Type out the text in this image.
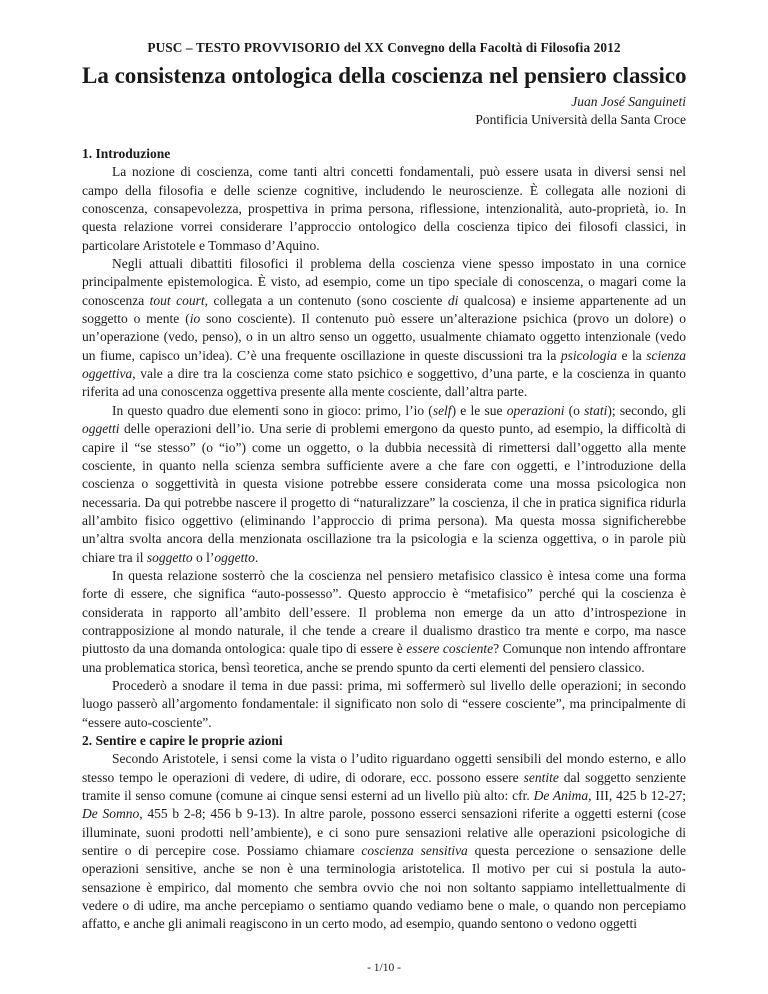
PUSC – TESTO PROVVISORIO del XX Convegno della Facoltà di Filosofia 2012
La consistenza ontologica della coscienza nel pensiero classico
Juan José Sanguineti
Pontificia Università della Santa Croce
1. Introduzione

La nozione di coscienza, come tanti altri concetti fondamentali, può essere usata in diversi sensi nel campo della filosofia e delle scienze cognitive, includendo le neuroscienze. È collegata alle nozioni di conoscenza, consapevolezza, prospettiva in prima persona, riflessione, intenzionalità, auto-proprietà, io. In questa relazione vorrei considerare l’approccio ontologico della coscienza tipico dei filosofi classici, in particolare Aristotele e Tommaso d’Aquino.

Negli attuali dibattiti filosofici il problema della coscienza viene spesso impostato in una cornice principalmente epistemologica. È visto, ad esempio, come un tipo speciale di conoscenza, o magari come la conoscenza tout court, collegata a un contenuto (sono cosciente di qualcosa) e insieme appartenente ad un soggetto o mente (io sono cosciente). Il contenuto può essere un’alterazione psichica (provo un dolore) o un’operazione (vedo, penso), o in un altro senso un oggetto, usualmente chiamato oggetto intenzionale (vedo un fiume, capisco un’idea). C’è una frequente oscillazione in queste discussioni tra la psicologia e la scienza oggettiva, vale a dire tra la coscienza come stato psichico e soggettivo, d’una parte, e la coscienza in quanto riferita ad una conoscenza oggettiva presente alla mente cosciente, dall’altra parte.

In questo quadro due elementi sono in gioco: primo, l’io (self) e le sue operazioni (o stati); secondo, gli oggetti delle operazioni dell’io. Una serie di problemi emergono da questo punto, ad esempio, la difficoltà di capire il “se stesso” (o “io”) come un oggetto, o la dubbia necessità di rimettersi dall’oggetto alla mente cosciente, in quanto nella scienza sembra sufficiente avere a che fare con oggetti, e l’introduzione della coscienza o soggettività in questa visione potrebbe essere considerata come una mossa psicologica non necessaria. Da qui potrebbe nascere il progetto di “naturalizzare” la coscienza, il che in pratica significa ridurla all’ambito fisico oggettivo (eliminando l’approccio di prima persona). Ma questa mossa significherebbe un’altra svolta ancora della menzionata oscillazione tra la psicologia e la scienza oggettiva, o in parole più chiare tra il soggetto o l’oggetto.

In questa relazione sosterrò che la coscienza nel pensiero metafisico classico è intesa come una forma forte di essere, che significa “auto-possesso”. Questo approccio è “metafisico” perché qui la coscienza è considerata in rapporto all’ambito dell’essere. Il problema non emerge da un atto d’introspezione in contrapposizione al mondo naturale, il che tende a creare il dualismo drastico tra mente e corpo, ma nasce piuttosto da una domanda ontologica: quale tipo di essere è essere cosciente? Comunque non intendo affrontare una problematica storica, bensì teoretica, anche se prendo spunto da certi elementi del pensiero classico.

Procederò a snodare il tema in due passi: prima, mi soffermerò sul livello delle operazioni; in secondo luogo passerò all’argomento fondamentale: il significato non solo di “essere cosciente”, ma principalmente di “essere auto-cosciente”.

2. Sentire e capire le proprie azioni

Secondo Aristotele, i sensi come la vista o l’udito riguardano oggetti sensibili del mondo esterno, e allo stesso tempo le operazioni di vedere, di udire, di odorare, ecc. possono essere sentite dal soggetto senziente tramite il senso comune (comune ai cinque sensi esterni ad un livello più alto: cfr. De Anima, III, 425 b 12-27; De Somno, 455 b 2-8; 456 b 9-13). In altre parole, possono esserci sensazioni riferite a oggetti esterni (cose illuminate, suoni prodotti nell’ambiente), e ci sono pure sensazioni relative alle operazioni psicologiche di sentire o di percepire cose. Possiamo chiamare coscienza sensitiva questa percezione o sensazione delle operazioni sensitive, anche se non è una terminologia aristotelica. Il motivo per cui si postula la auto-sensazione è empirico, dal momento che sembra ovvio che noi non soltanto sappiamo intellettualmente di vedere o di udire, ma anche percepiamo o sentiamo quando vediamo bene o male, o quando non percepiamo affatto, e anche gli animali reagiscono in un certo modo, ad esempio, quando sentono o vedono oggetti

- 1/10 -
